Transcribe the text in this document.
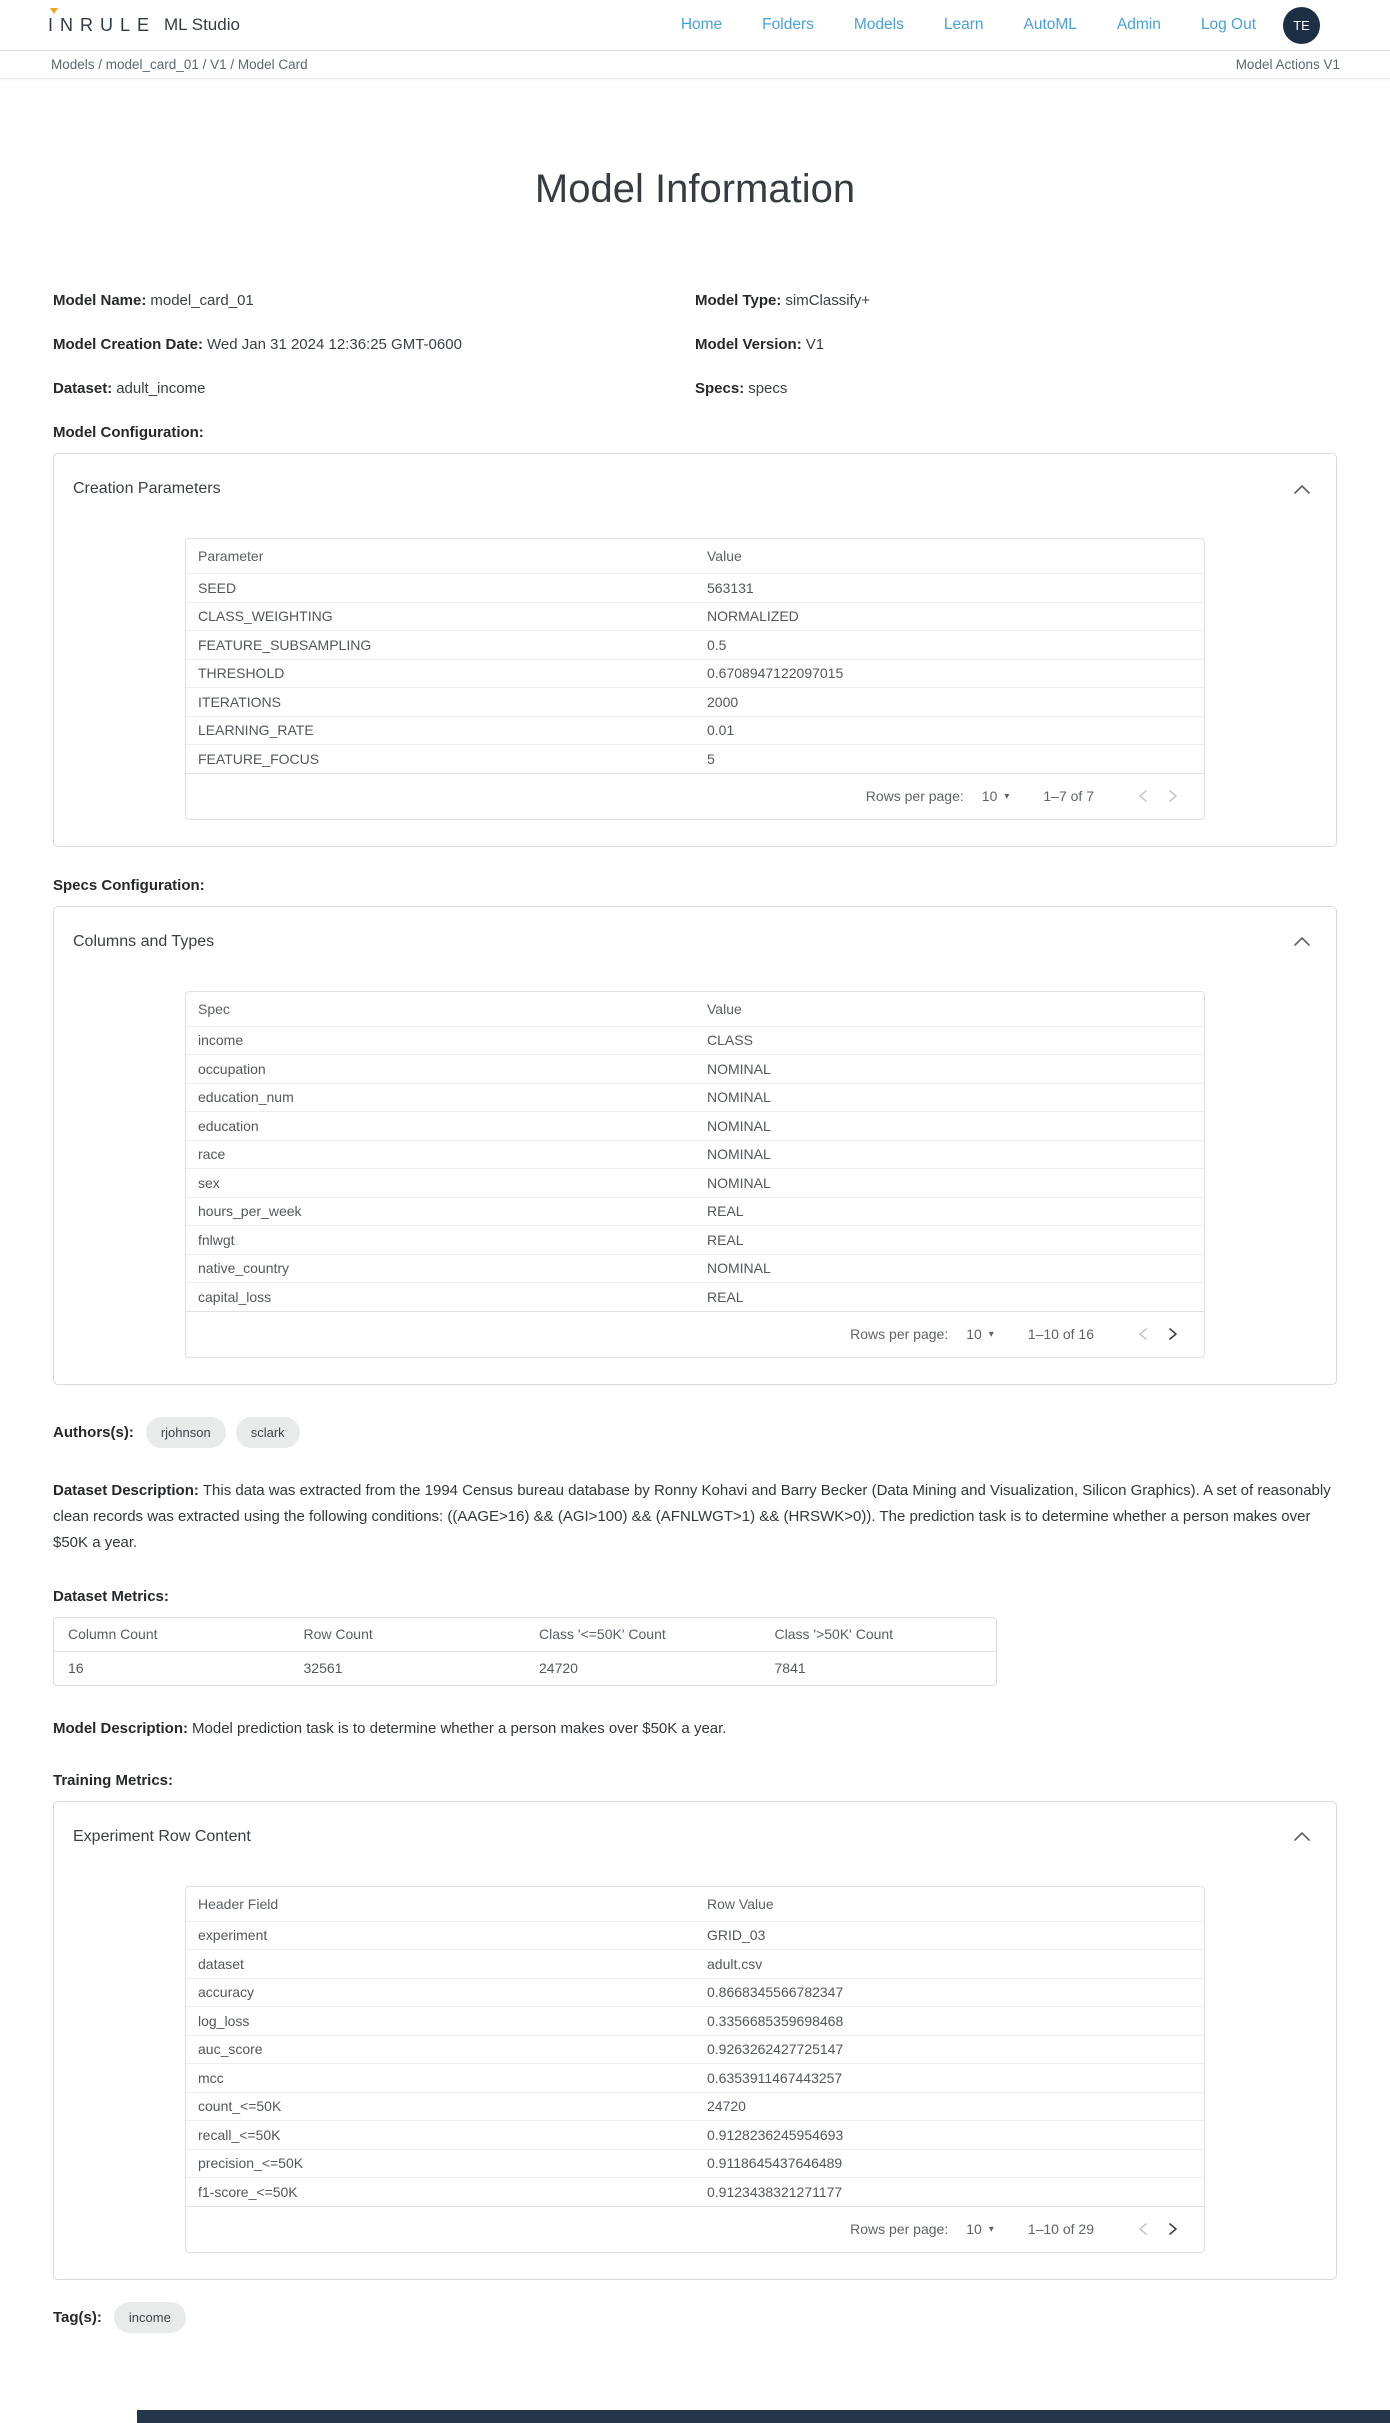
INRULE ML Studio	Home	Folders	Models	Learn	AutoML	Admin	Log Out	TE
Models / model_card_01 / V1 / Model Card	Model Actions V1
Model Information
Model Name: model_card_01	Model Type: simClassify+
Model Creation Date: Wed Jan 31 2024 12:36:25 GMT-0600	Model Version: V1
Dataset: adult_income	Specs: specs
Model Configuration:
Creation Parameters
Parameter	Value
SEED	563131
CLASS_WEIGHTING	NORMALIZED
FEATURE_SUBSAMPLING	0.5
THRESHOLD	0.6708947122097015
ITERATIONS	2000
LEARNING_RATE	0.01
FEATURE_FOCUS	5
Rows per page: 10 ▾ 1–7 of 7
Specs Configuration:
Columns and Types
Spec	Value
income	CLASS
occupation	NOMINAL
education_num	NOMINAL
education	NOMINAL
race	NOMINAL
sex	NOMINAL
hours_per_week	REAL
fnlwgt	REAL
native_country	NOMINAL
capital_loss	REAL
Rows per page: 10 ▾ 1–10 of 16
Authors(s):	rjohnson	sclark

Dataset Description: This data was extracted from the 1994 Census bureau database by Ronny Kohavi and Barry Becker (Data Mining and Visualization, Silicon Graphics). A set of reasonably clean records was extracted using the following conditions: ((AAGE>16) && (AGI>100) && (AFNLWGT>1) && (HRSWK>0)). The prediction task is to determine whether a person makes over $50K a year.

Dataset Metrics:
Column Count	Row Count	Class '<=50K' Count	Class '>50K' Count
16	32561	24720	7841

Model Description: Model prediction task is to determine whether a person makes over $50K a year.

Training Metrics:
Experiment Row Content
Header Field	Row Value
experiment	GRID_03
dataset	adult.csv
accuracy	0.8668345566782347
log_loss	0.3356685359698468
auc_score	0.9263262427725147
mcc	0.6353911467443257
count_<=50K	24720
recall_<=50K	0.9128236245954693
precision_<=50K	0.9118645437646489
f1-score_<=50K	0.9123438321271177
Rows per page: 10 ▾ 1–10 of 29
Tag(s):	income
